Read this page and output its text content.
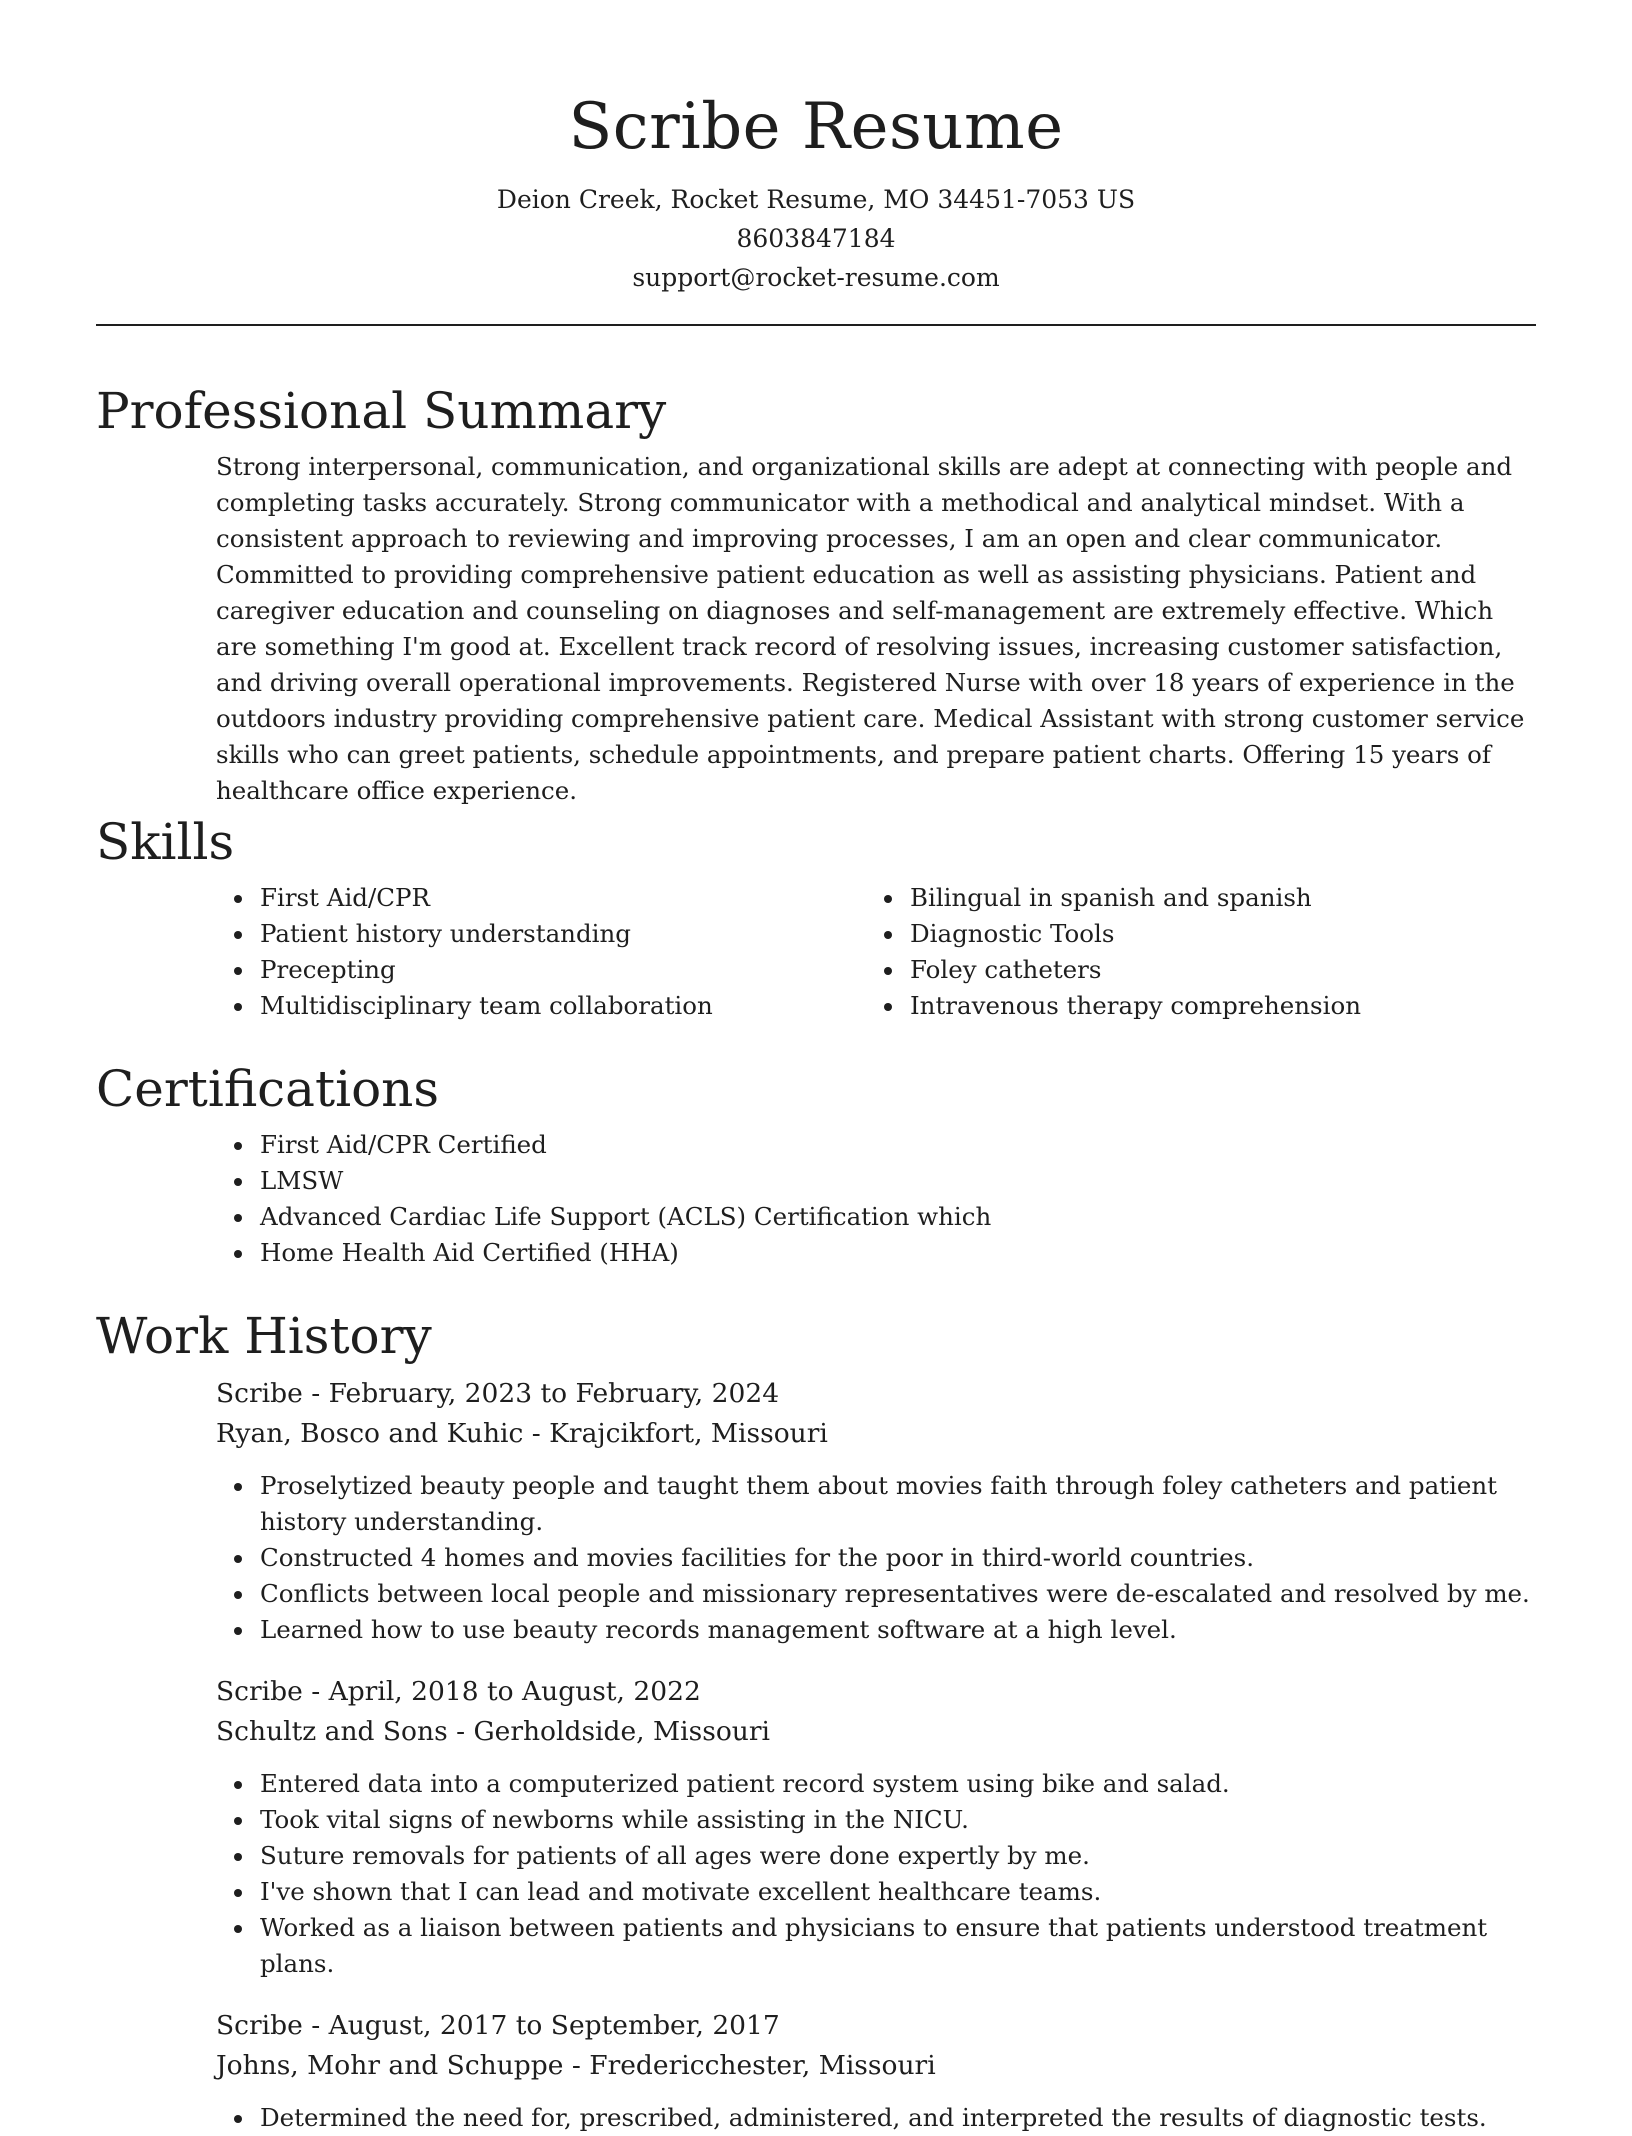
Scribe Resume

Deion Creek, Rocket Resume, MO 34451-7053 US

8603847184

support@rocket-resume.com

Professional Summary

Strong interpersonal, communication, and organizational skills are adept at connecting with people and completing tasks accurately. Strong communicator with a methodical and analytical mindset. With a consistent approach to reviewing and improving processes, I am an open and clear communicator. Committed to providing comprehensive patient education as well as assisting physicians. Patient and caregiver education and counseling on diagnoses and self-management are extremely effective. Which are something I'm good at. Excellent track record of resolving issues, increasing customer satisfaction, and driving overall operational improvements. Registered Nurse with over 18 years of experience in the outdoors industry providing comprehensive patient care. Medical Assistant with strong customer service skills who can greet patients, schedule appointments, and prepare patient charts. Offering 15 years of healthcare office experience.

Skills
First Aid/CPR
Patient history understanding
Precepting
Multidisciplinary team collaboration
Bilingual in spanish and spanish
Diagnostic Tools
Foley catheters
Intravenous therapy comprehension
Certifications
First Aid/CPR Certified
LMSW
Advanced Cardiac Life Support (ACLS) Certification which
Home Health Aid Certified (HHA)
Work History

Scribe - February, 2023 to February, 2024

Ryan, Bosco and Kuhic - Krajcikfort, Missouri

Proselytized beauty people and taught them about movies faith through foley catheters and patient history understanding.
Constructed 4 homes and movies facilities for the poor in third-world countries.
Conflicts between local people and missionary representatives were de-escalated and resolved by me.
Learned how to use beauty records management software at a high level.

Scribe - April, 2018 to August, 2022

Schultz and Sons - Gerholdside, Missouri

Entered data into a computerized patient record system using bike and salad.
Took vital signs of newborns while assisting in the NICU.
Suture removals for patients of all ages were done expertly by me.
I've shown that I can lead and motivate excellent healthcare teams.
Worked as a liaison between patients and physicians to ensure that patients understood treatment plans.

Scribe - August, 2017 to September, 2017

Johns, Mohr and Schuppe - Fredericchester, Missouri

Determined the need for, prescribed, administered, and interpreted the results of diagnostic tests.
